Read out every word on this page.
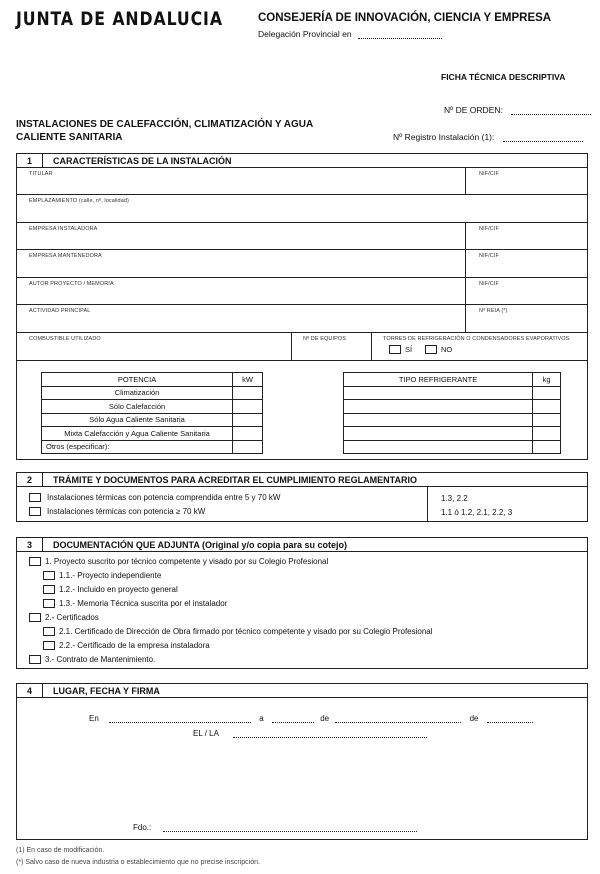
JUNTA DE ANDALUCIA	CONSEJERÍA DE INNOVACIÓN, CIENCIA Y EMPRESA
Delegación Provincial en
FICHA TÉCNICA DESCRIPTIVA
Nº DE ORDEN:
INSTALACIONES DE CALEFACCIÓN, CLIMATIZACIÓN Y AGUA CALIENTE SANITARIA	Nº Registro Instalación (1):
1	CARACTERÍSTICAS DE LA INSTALACIÓN
TITULAR	NIF/CIF
EMPLAZAMIENTO (calle, nº, localidad)
EMPRESA INSTALADORA	NIF/CIF
EMPRESA MANTENEDORA	NIF/CIF
AUTOR PROYECTO / MEMORIA	NIF/CIF
ACTIVIDAD PRINCIPAL	Nº REIA (*)
COMBUSTIBLE UTILIZADO	Nº DE EQUIPOS	TORRES DE REFRIGERACIÓN O CONDENSADORES EVAPORATIVOS
SÍ	NO
POTENCIA	kW
Climatización	
Sólo Calefacción	
Sólo Agua Caliente Sanitaria	
Mixta Calefacción y Agua Caliente Sanitaria	
Otros (especificar):	
TIPO REFRIGERANTE	kg

2	TRÁMITE Y DOCUMENTOS PARA ACREDITAR EL CUMPLIMIENTO REGLAMENTARIO
Instalaciones térmicas con potencia comprendida entre 5 y 70 kW	1.3, 2.2
Instalaciones térmicas con potencia ≥ 70 kW	1.1 ó 1.2, 2.1, 2.2, 3
3	DOCUMENTACIÓN QUE ADJUNTA (Original y/o copia para su cotejo)
1. Proyecto suscrito por técnico competente y visado por su Colegio Profesional
1.1.- Proyecto independiente
1.2.- Incluido en proyecto general
1.3.- Memoria Técnica suscrita por el instalador
2.- Certificados
2.1. Certificado de Dirección de Obra firmado por técnico competente y visado por su Colegio Profesional
2.2.- Certificado de la empresa instaladora
3.- Contrato de Mantenimiento.
4	LUGAR, FECHA Y FIRMA
En	a	de	de
EL / LA
Fdo.:
(1) En caso de modificación.
(*) Salvo caso de nueva industria o establecimiento que no precise inscripción.
